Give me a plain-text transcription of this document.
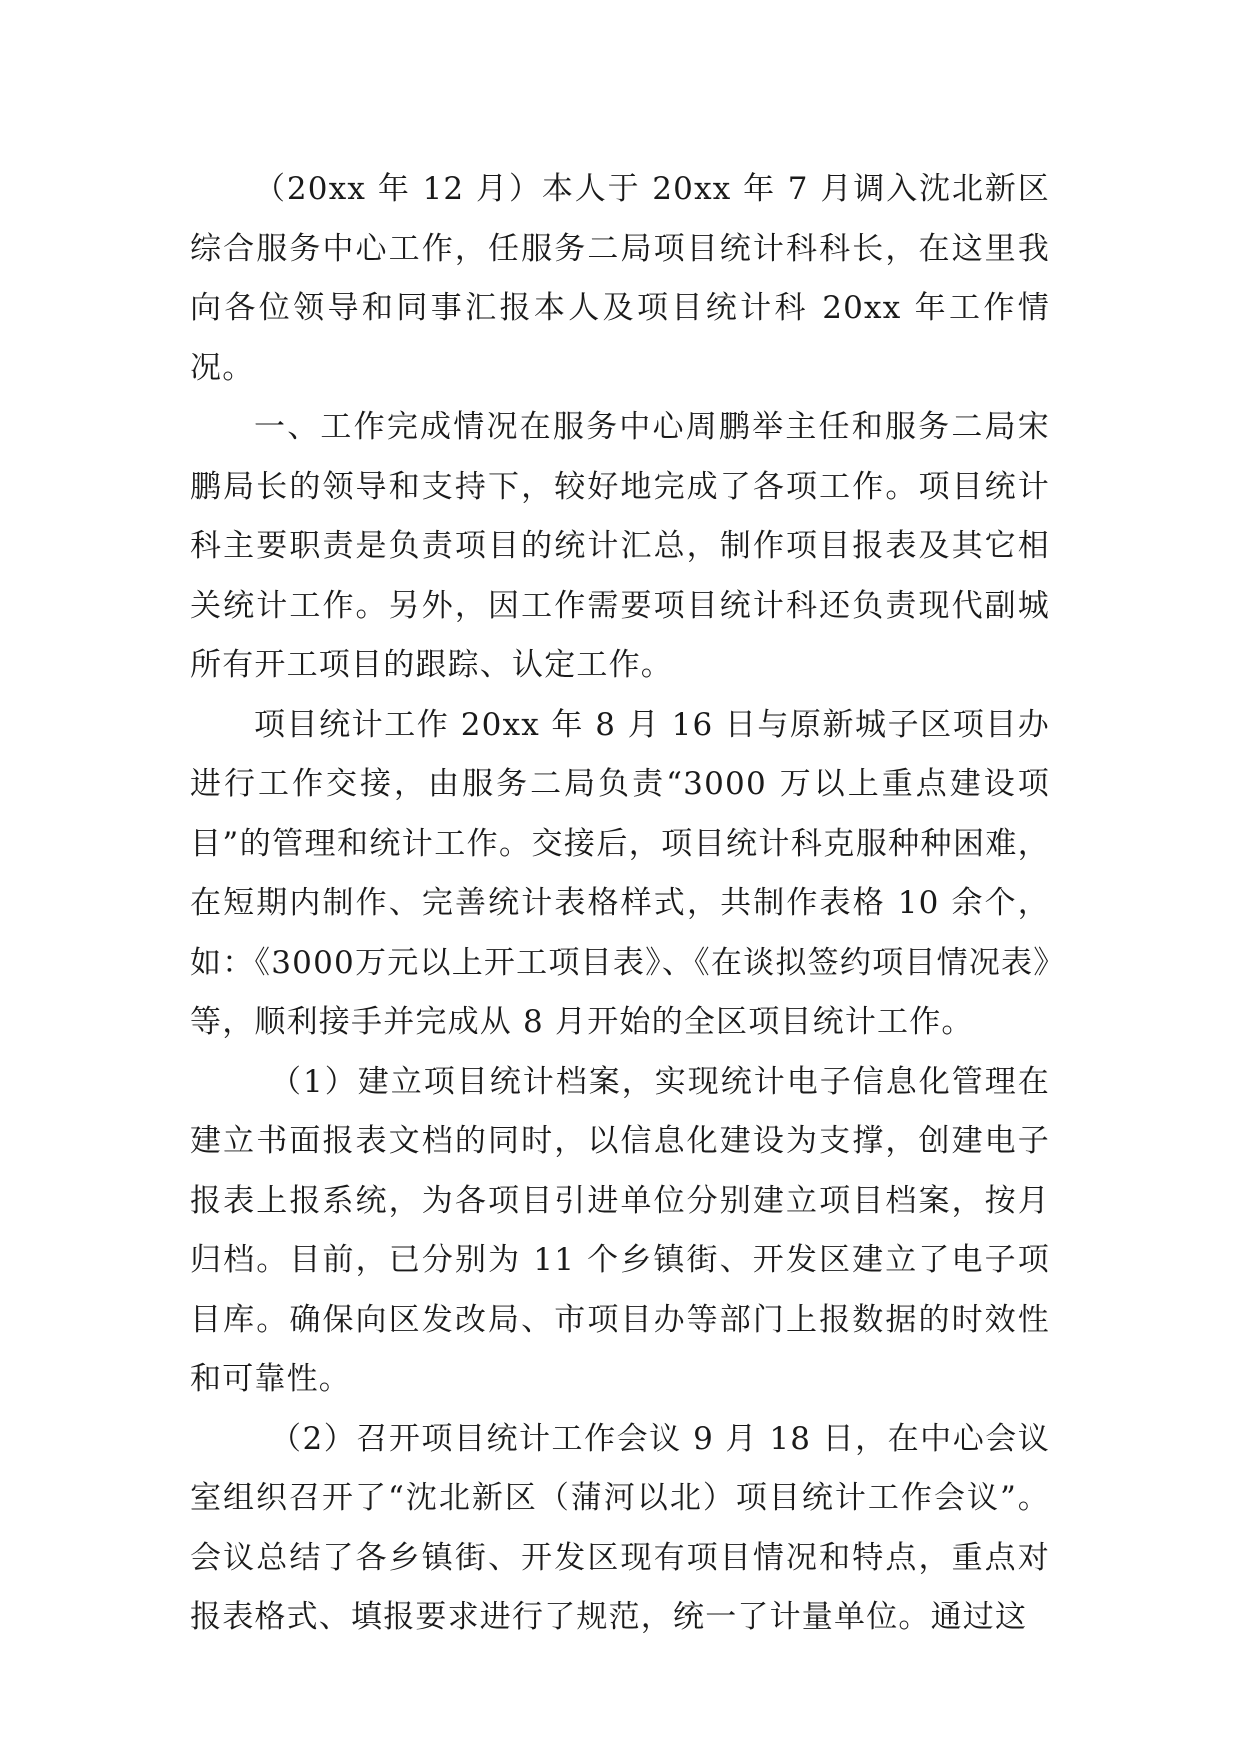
（20xx 年 12 月）本人于 20xx 年 7 月调入沈北新区综合服务中心工作，任服务二局项目统计科科长，在这里我向各位领导和同事汇报本人及项目统计科 20xx 年工作情况。

一、工作完成情况在服务中心周鹏举主任和服务二局宋鹏局长的领导和支持下，较好地完成了各项工作。项目统计科主要职责是负责项目的统计汇总，制作项目报表及其它相关统计工作。另外，因工作需要项目统计科还负责现代副城所有开工项目的跟踪、认定工作。

项目统计工作 20xx 年 8 月 16 日与原新城子区项目办进行工作交接，由服务二局负责“3000 万以上重点建设项目”的管理和统计工作。交接后，项目统计科克服种种困难，在短期内制作、完善统计表格样式，共制作表格 10 余个，如：《3000万元以上开工项目表》、《在谈拟签约项目情况表》等，顺利接手并完成从 8 月开始的全区项目统计工作。

（1）建立项目统计档案，实现统计电子信息化管理在建立书面报表文档的同时，以信息化建设为支撑，创建电子报表上报系统，为各项目引进单位分别建立项目档案，按月归档。目前，已分别为 11 个乡镇街、开发区建立了电子项目库。确保向区发改局、市项目办等部门上报数据的时效性和可靠性。

（2）召开项目统计工作会议 9 月 18 日，在中心会议室组织召开了“沈北新区（蒲河以北）项目统计工作会议”。会议总结了各乡镇街、开发区现有项目情况和特点，重点对报表格式、填报要求进行了规范，统一了计量单位。通过这
